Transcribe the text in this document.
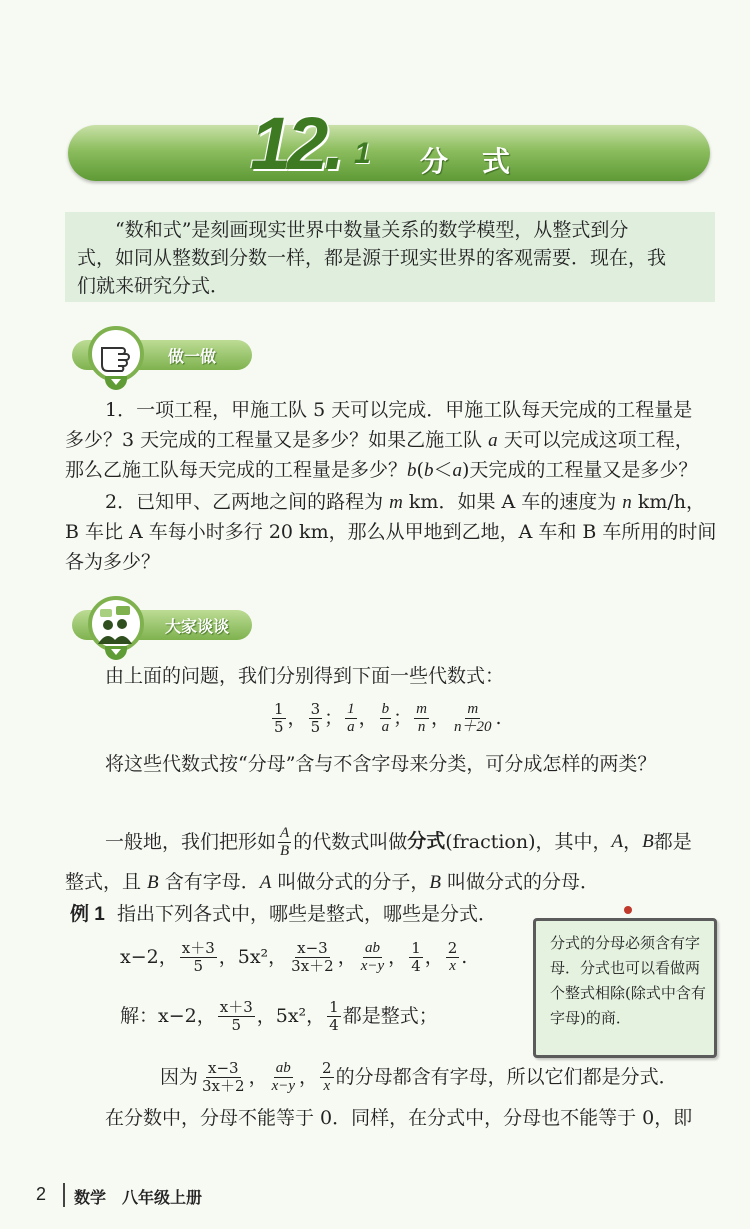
12. 1 分式
“数和式”是刻画现实世界中数量关系的数学模型，从整式到分
式，如同从整数到分数一样，都是源于现实世界的客观需要．现在，我
们就来研究分式．
做一做
1．一项工程，甲施工队 5 天可以完成．甲施工队每天完成的工程量是
多少？3 天完成的工程量又是多少？如果乙施工队 a 天可以完成这项工程，
那么乙施工队每天完成的工程量是多少？b(b＜a)天完成的工程量又是多少？
2．已知甲、乙两地之间的路程为 m km．如果 A 车的速度为 n km/h，
B 车比 A 车每小时多行 20 km，那么从甲地到乙地，A 车和 B 车所用的时间
各为多少？
大家谈谈
由上面的问题，我们分别得到下面一些代数式：
$\frac{1}{5}$ ， $\frac{3}{5}$ ； $\frac{1}{a}$ ， $\frac{b}{a}$ ； $\frac{m}{n}$ ， $\frac{m}{n+20}$ .
将这些代数式按“分母”含与不含字母来分类，可分成怎样的两类？
一般地，我们把形如 $\frac{A}{B}$ 的代数式叫做 分式 (fraction)，其中， A ， B 都是
整式，且 B 含有字母．A 叫做分式的分子，B 叫做分式的分母．
例 1 指出下列各式中，哪些是整式，哪些是分式．
x−2， $\frac{x+3}{5}$ ，5x²， $\frac{x-3}{3x+2}$ ， $\frac{ab}{x-y}$ ， $\frac{1}{4}$ ， $\frac{2}{x}$ .
解：x−2， $\frac{x+3}{5}$ ，5x²， $\frac{1}{4}$ 都是整式；
因为 $\frac{x-3}{3x+2}$ ， $\frac{ab}{x-y}$ ， $\frac{2}{x}$ 的分母都含有字母，所以它们都是分式．
分式的分母必须含有字母．分式也可以看做两个整式相除(除式中含有字母)的商．
在分数中，分母不能等于 0．同样，在分式中，分母也不能等于 0，即
2 数学　八年级上册
